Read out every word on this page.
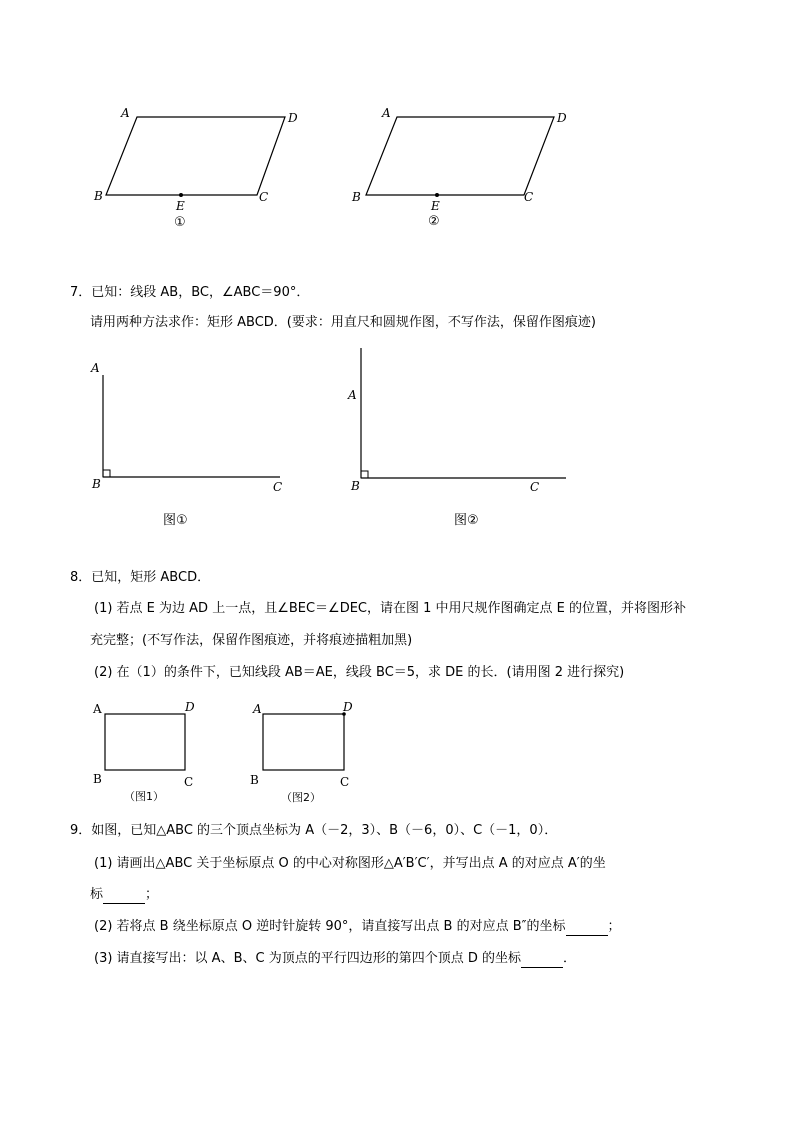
A	D
B	C
E
①
A	D
B	C
E
②
7．已知：线段 AB，BC，∠ABC＝90°．
请用两种方法求作：矩形 ABCD．(要求：用直尺和圆规作图，不写作法，保留作图痕迹)
A
B	C
图①
A
B	C
图②
8．已知，矩形 ABCD．
(1) 若点 E 为边 AD 上一点，且∠BEC＝∠DEC，请在图 1 中用尺规作图确定点 E 的位置，并将图形补
充完整；(不写作法，保留作图痕迹，并将痕迹描粗加黑)
(2) 在（1）的条件下，已知线段 AB＝AE，线段 BC＝5，求 DE 的长．(请用图 2 进行探究)
A	D
B	C
（图1）
A	D
B	C
（图2）
9．如图，已知△ABC 的三个顶点坐标为 A（－2，3）、B（－6，0）、C（－1，0）．
(1) 请画出△ABC 关于坐标原点 O 的中心对称图形△A′B′C′，并写出点 A 的对应点 A′的坐
标	；
(2) 若将点 B 绕坐标原点 O 逆时针旋转 90°，请直接写出点 B 的对应点 B″的坐标	；
(3) 请直接写出：以 A、B、C 为顶点的平行四边形的第四个顶点 D 的坐标	．
